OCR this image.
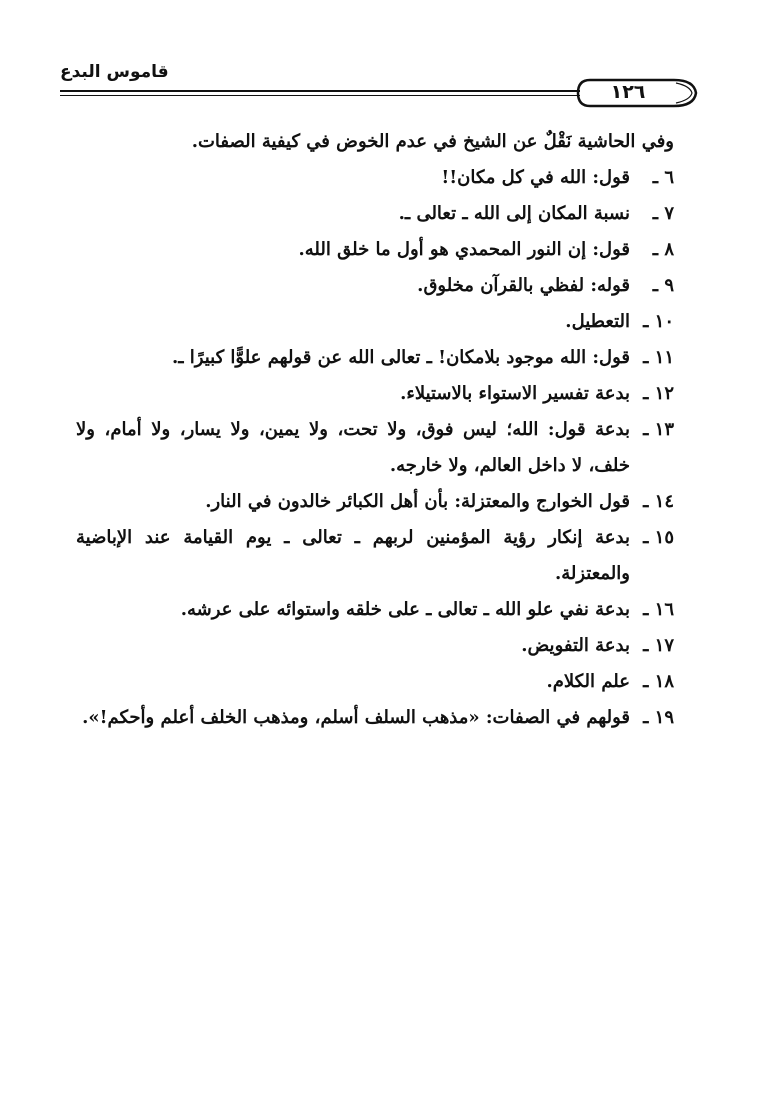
قاموس البدع
١٢٦
وفي الحاشية نَقْلٌ عن الشيخ في عدم الخوض في كيفية الصفات.
٦ ـ
قول: الله في كل مكان!!
٧ ـ
نسبة المكان إلى الله ـ تعالى ـ.
٨ ـ
قول: إن النور المحمدي هو أول ما خلق الله.
٩ ـ
قوله: لفظي بالقرآن مخلوق.
١٠ ـ
التعطيل.
١١ ـ
قول: الله موجود بلامكان! ـ تعالى الله عن قولهم علوًّا كبيرًا ـ.
١٢ ـ
بدعة تفسير الاستواء بالاستيلاء.
١٣ ـ
بدعة قول: الله؛ ليس فوق، ولا تحت، ولا يمين، ولا يسار، ولا أمام، ولا خلف، لا داخل العالم، ولا خارجه.
١٤ ـ
قول الخوارج والمعتزلة: بأن أهل الكبائر خالدون في النار.
١٥ ـ
بدعة إنكار رؤية المؤمنين لربهم ـ تعالى ـ يوم القيامة عند الإباضية والمعتزلة.
١٦ ـ
بدعة نفي علو الله ـ تعالى ـ على خلقه واستوائه على عرشه.
١٧ ـ
بدعة التفويض.
١٨ ـ
علم الكلام.
١٩ ـ
قولهم في الصفات: «مذهب السلف أسلم، ومذهب الخلف أعلم وأحكم!».
